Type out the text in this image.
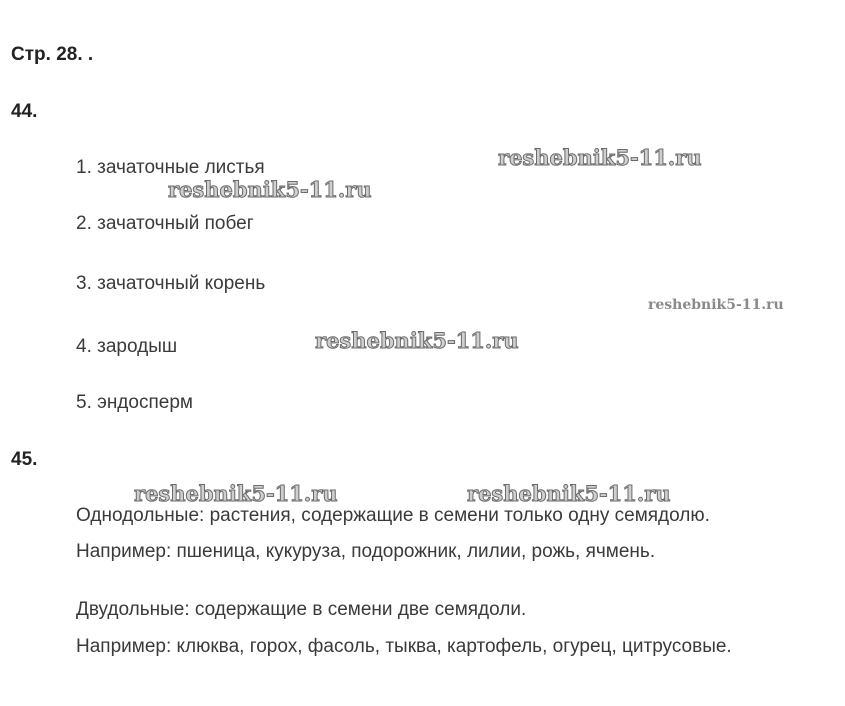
Стр. 28. .
44.
1. зачаточные листья
2. зачаточный побег
3. зачаточный корень
4. зародыш
5. эндосперм
45.
Однодольные: растения, содержащие в семени только одну семядолю.
Например: пшеница, кукуруза, подорожник, лилии, рожь, ячмень.
Двудольные: содержащие в семени две семядоли.
Например: клюква, горох, фасоль, тыква, картофель, огурец, цитрусовые.
reshebnik5-11.ru
reshebnik5-11.ru
reshebnik5-11.ru
reshebnik5-11.ru
reshebnik5-11.ru	reshebnik5-11.ru
